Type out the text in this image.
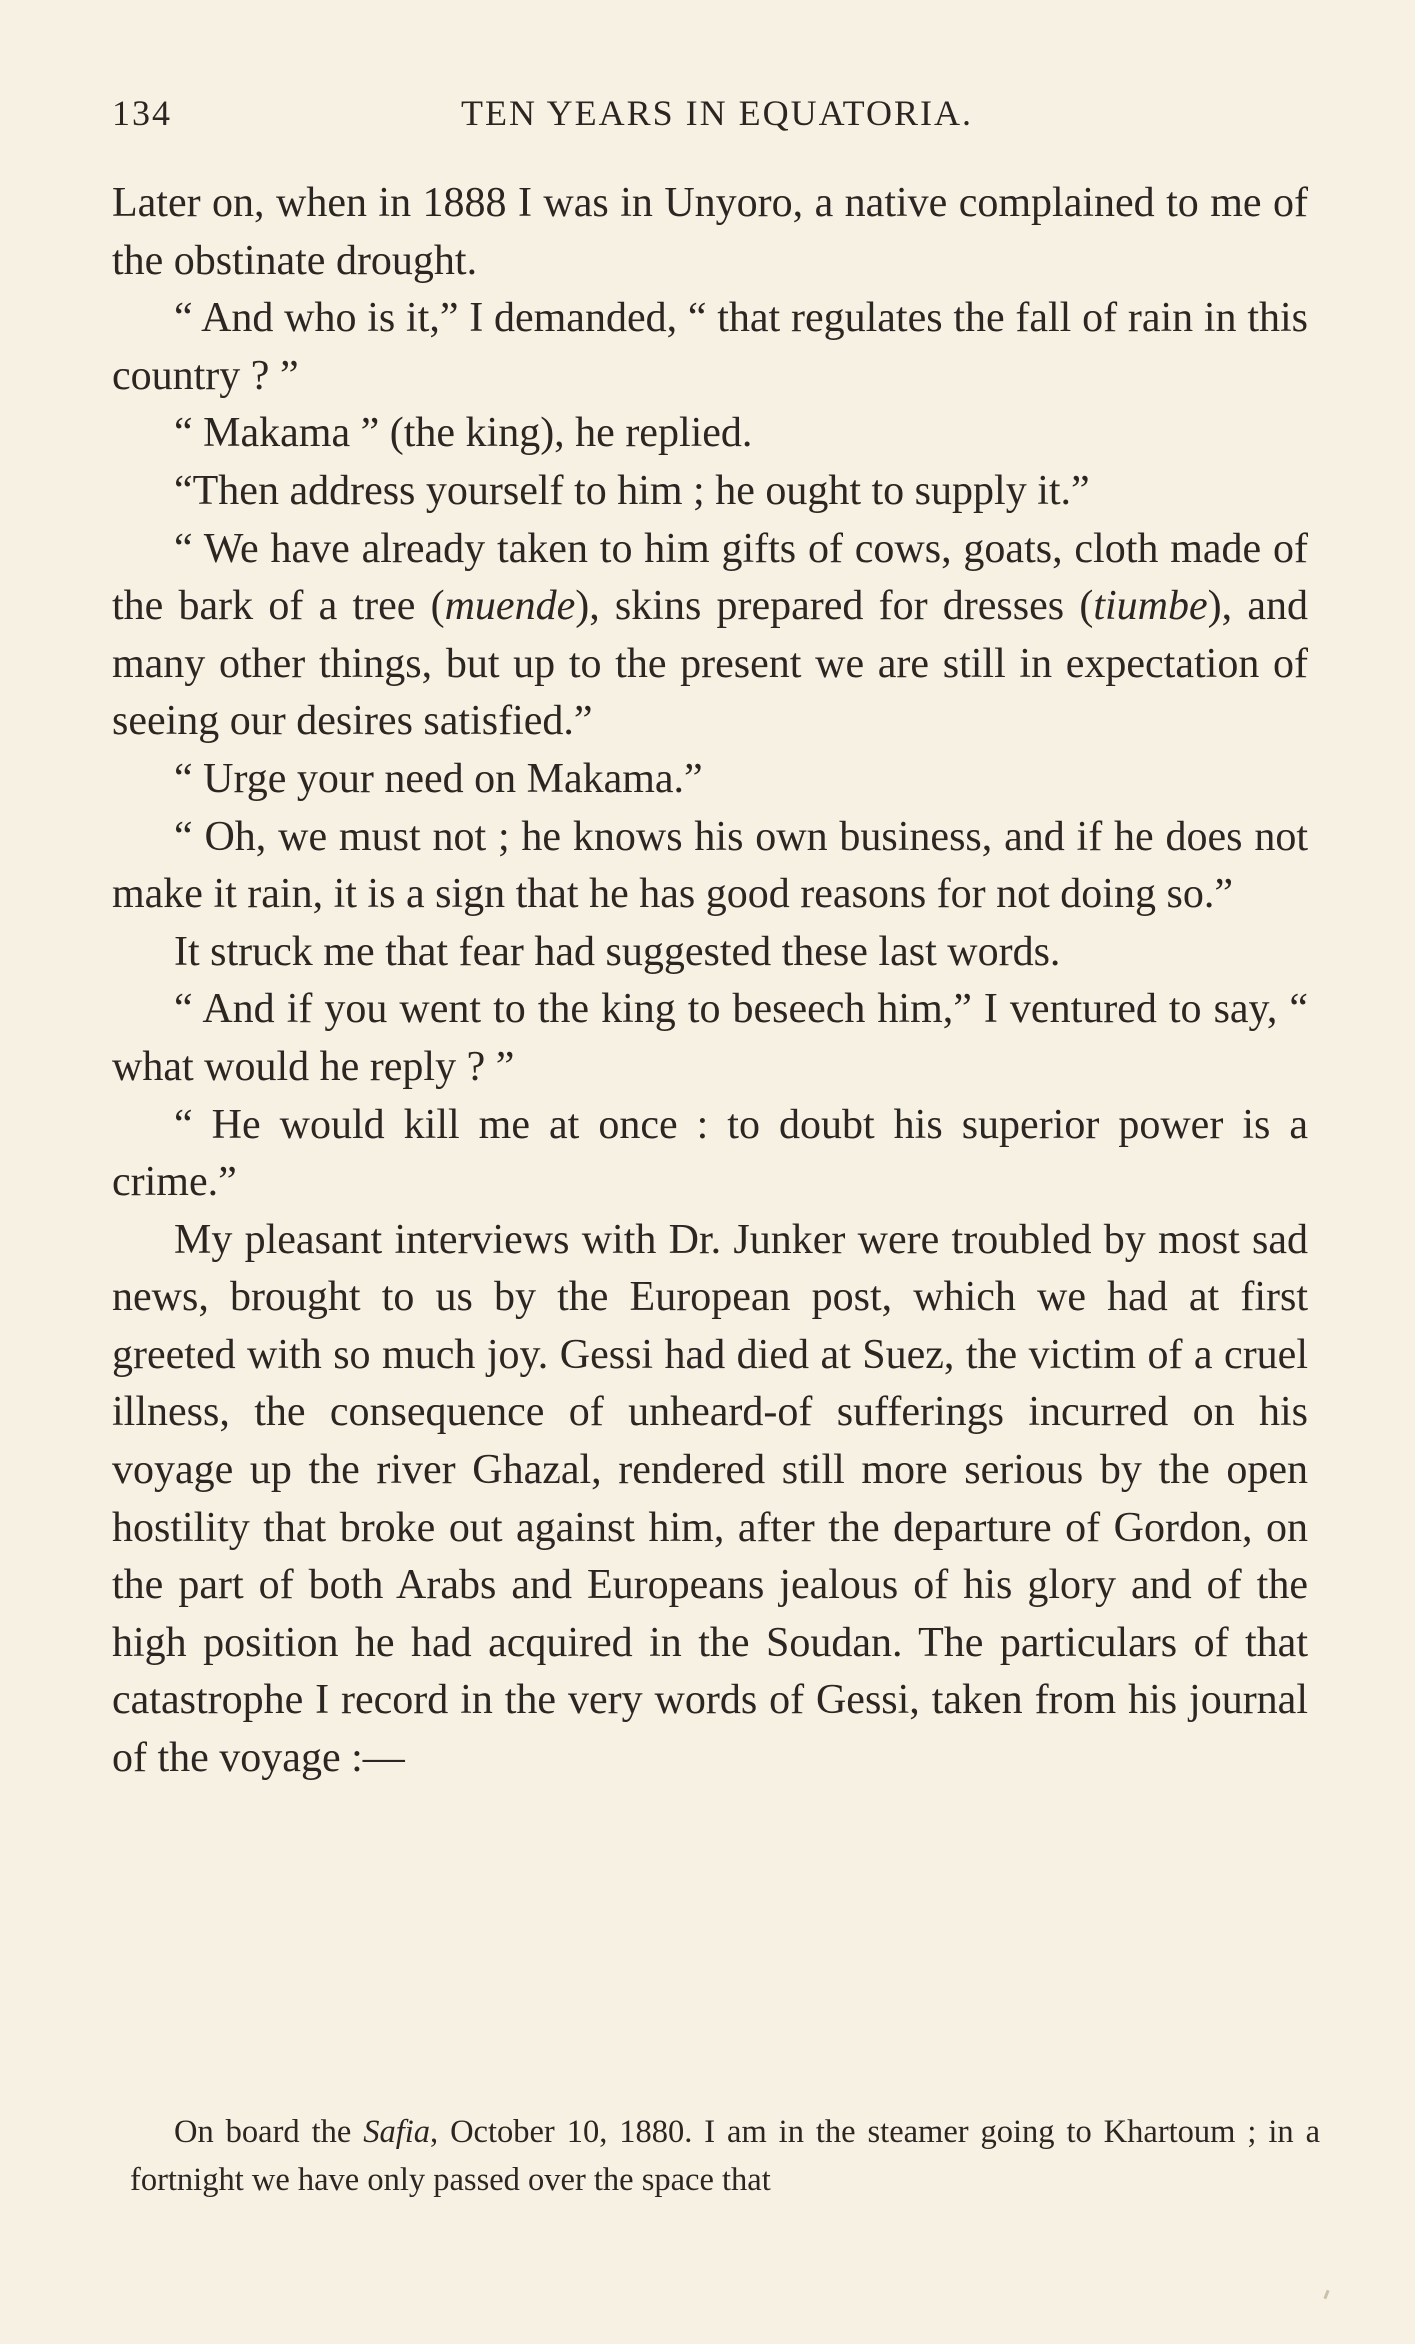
134	TEN YEARS IN EQUATORIA.

Later on, when in 1888 I was in Unyoro, a native complained to me of the obstinate drought.

“ And who is it,” I demanded, “ that regulates the fall of rain in this country ? ”

“ Makama ” (the king), he replied.

“Then address yourself to him ; he ought to supply it.”

“ We have already taken to him gifts of cows, goats, cloth made of the bark of a tree (muende), skins prepared for dresses (tiumbe), and many other things, but up to the present we are still in expectation of seeing our desires satisfied.”

“ Urge your need on Makama.”

“ Oh, we must not ; he knows his own business, and if he does not make it rain, it is a sign that he has good reasons for not doing so.”

It struck me that fear had suggested these last words.

“ And if you went to the king to beseech him,” I ventured to say, “ what would he reply ? ”

“ He would kill me at once : to doubt his superior power is a crime.”

My pleasant interviews with Dr. Junker were troubled by most sad news, brought to us by the European post, which we had at first greeted with so much joy. Gessi had died at Suez, the victim of a cruel illness, the consequence of unheard-of sufferings incurred on his voyage up the river Ghazal, rendered still more serious by the open hostility that broke out against him, after the departure of Gordon, on the part of both Arabs and Europeans jealous of his glory and of the high position he had acquired in the Soudan. The particulars of that catastrophe I record in the very words of Gessi, taken from his journal of the voyage :—

On board the Safia, October 10, 1880. I am in the steamer going to Khartoum ; in a fortnight we have only passed over the space that
